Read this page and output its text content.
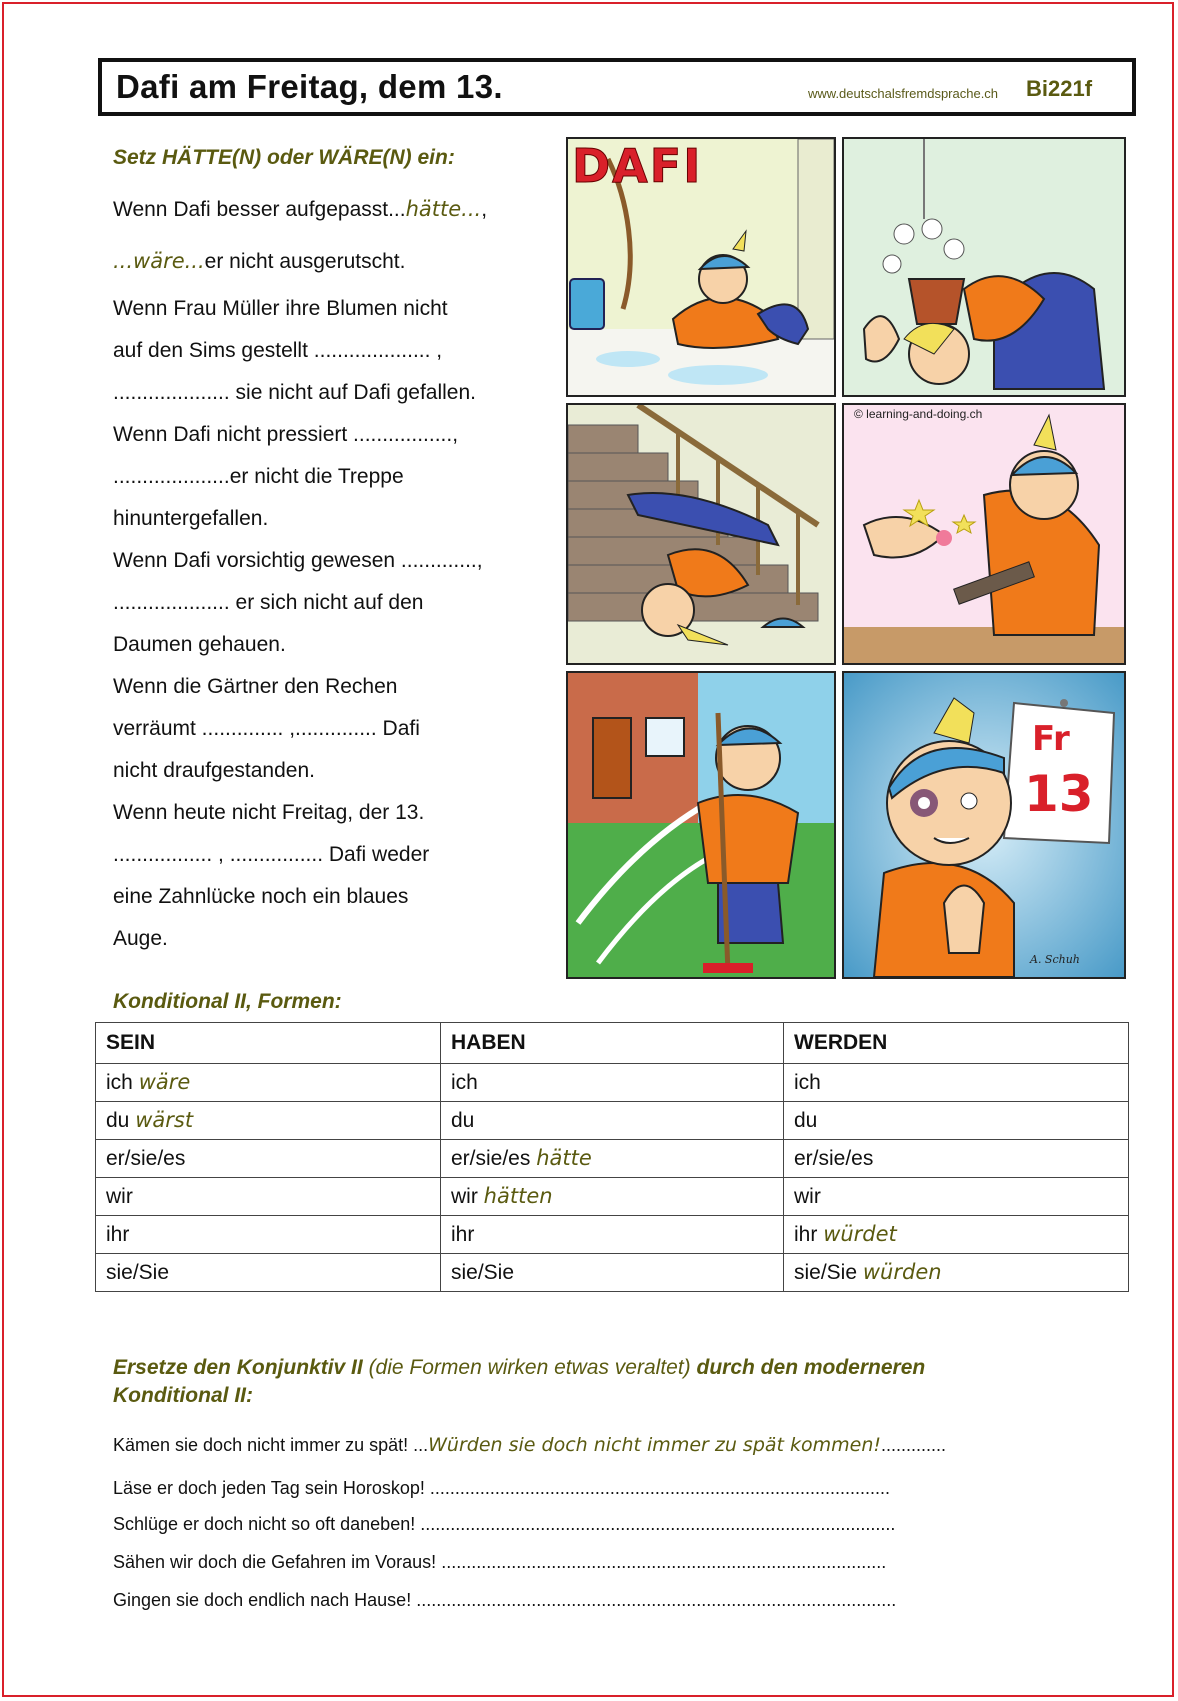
Dafi am Freitag, dem 13.	www.deutschalsfremdsprache.ch Bi221f
Setz HÄTTE(N) oder WÄRE(N) ein:
Wenn Dafi besser aufgepasst...hätte...,
...wäre...er nicht ausgerutscht.
Wenn Frau Müller ihre Blumen nicht
auf den Sims gestellt .................... ,
.................... sie nicht auf Dafi gefallen.
Wenn Dafi nicht pressiert .................,
....................er nicht die Treppe
hinuntergefallen.
Wenn Dafi vorsichtig gewesen .............,
.................... er sich nicht auf den
Daumen gehauen.
Wenn die Gärtner den Rechen
verräumt .............. ,.............. Dafi
nicht draufgestanden.
Wenn heute nicht Freitag, der 13.
................. , ................ Dafi weder
eine Zahnlücke noch ein blaues
Auge.
DAFI
© learning-and-doing.ch
Fr
13
A. Schuh
Konditional II, Formen:
SEIN	HABEN	WERDEN
ich wäre	ich	ich
du wärst	du	du
er/sie/es	er/sie/es hätte	er/sie/es
wir	wir hätten	wir
ihr	ihr	ihr würdet
sie/Sie	sie/Sie	sie/Sie würden
Ersetze den Konjunktiv II (die Formen wirken etwas veraltet) durch den moderneren
Konditional II:
Kämen sie doch nicht immer zu spät! ...Würden sie doch nicht immer zu spät kommen!.............
Läse er doch jeden Tag sein Horoskop! ............................................................................................
Schlüge er doch nicht so oft daneben! ...............................................................................................
Sähen wir doch die Gefahren im Voraus! .........................................................................................
Gingen sie doch endlich nach Hause! ................................................................................................
